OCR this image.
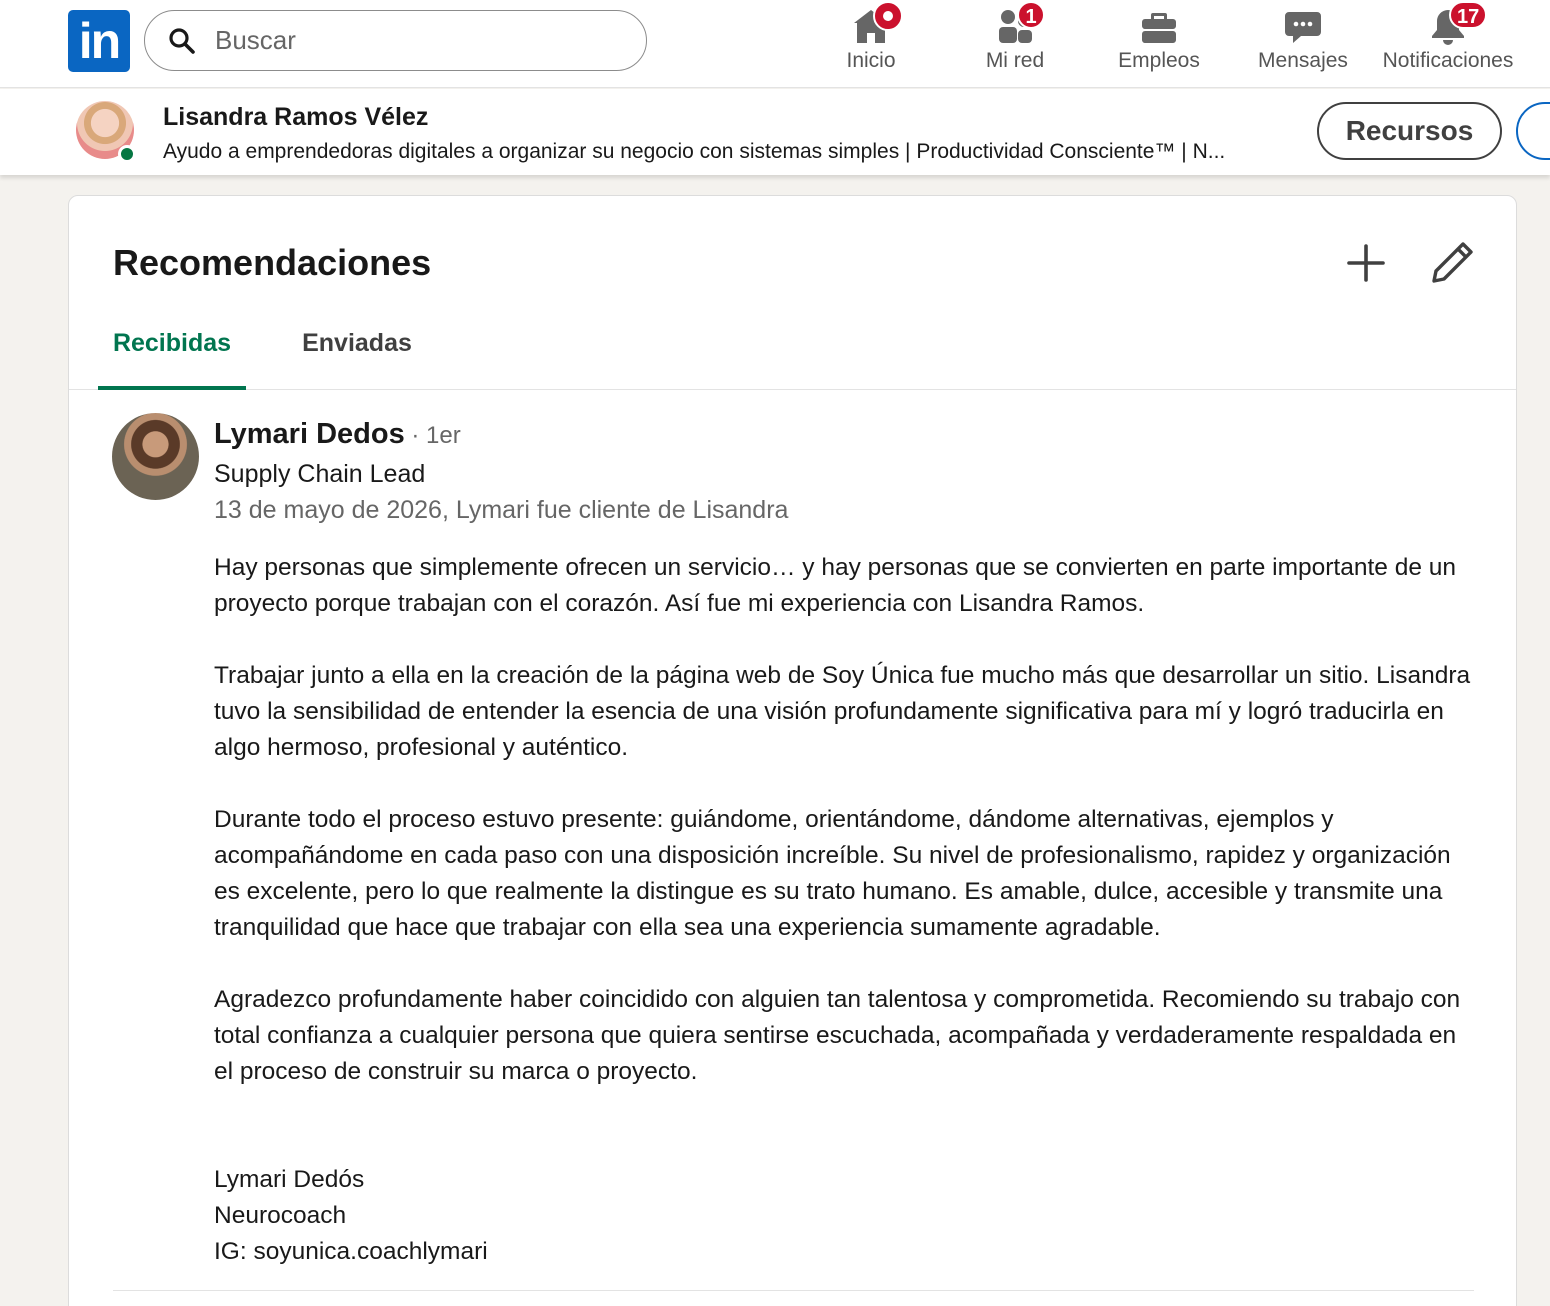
in
Buscar	Inicio
1
Mi red	Empleos	Mensajes
17
Notificaciones
Lisandra Ramos Vélez
Ayudo a emprendedoras digitales a organizar su negocio con sistemas simples | Productividad Consciente™ | N...
Recursos
Recomendaciones
Recibidas	Enviadas
Lymari Dedos · 1er
Supply Chain Lead
13 de mayo de 2026, Lymari fue cliente de Lisandra

Hay personas que simplemente ofrecen un servicio… y hay personas que se convierten en parte importante de un proyecto porque trabajan con el corazón. Así fue mi experiencia con Lisandra Ramos.

Trabajar junto a ella en la creación de la página web de Soy Única fue mucho más que desarrollar un sitio. Lisandra tuvo la sensibilidad de entender la esencia de una visión profundamente significativa para mí y logró traducirla en algo hermoso, profesional y auténtico.

Durante todo el proceso estuvo presente: guiándome, orientándome, dándome alternativas, ejemplos y acompañándome en cada paso con una disposición increíble. Su nivel de profesionalismo, rapidez y organización es excelente, pero lo que realmente la distingue es su trato humano. Es amable, dulce, accesible y transmite una tranquilidad que hace que trabajar con ella sea una experiencia sumamente agradable.

Agradezco profundamente haber coincidido con alguien tan talentosa y comprometida. Recomiendo su trabajo con total confianza a cualquier persona que quiera sentirse escuchada, acompañada y verdaderamente respaldada en el proceso de construir su marca o proyecto.

Lymari Dedós
Neurocoach
IG: soyunica.coachlymari
